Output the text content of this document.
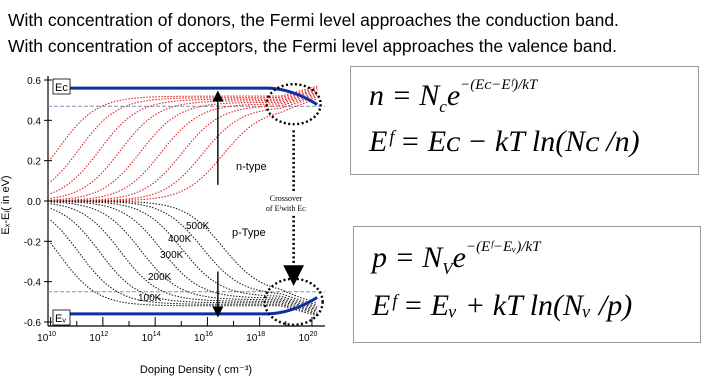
With concentration of donors, the Fermi level approaches the conduction band.
With concentration of acceptors, the Fermi level approaches the valence band.
0.6
0.4
0.2
0.0
-0.2
-0.4
-0.6
$10^{10}$	$10^{12}$	$10^{14}$	$10^{16}$	$10^{18}$	$10^{20}$
Eₓ-Eᵢ( in eV)
Doping Density ( cm⁻³)
Eᴄ
Eᵥ
n-type
p-Type
Crossover
of Eᶠwith Eᴄ
500K
400K
300K
200K
100K
$n = N_ce^{-(Eᴄ-Eᶠ)/kT}$
Eᶠ = Eᴄ − kT ln(Nᴄ /n)
$p = N_Ve^{-(Eᶠ-Eᵥ)/kT}$
Eᶠ = Eᵥ + kT ln(Nᵥ /p)
